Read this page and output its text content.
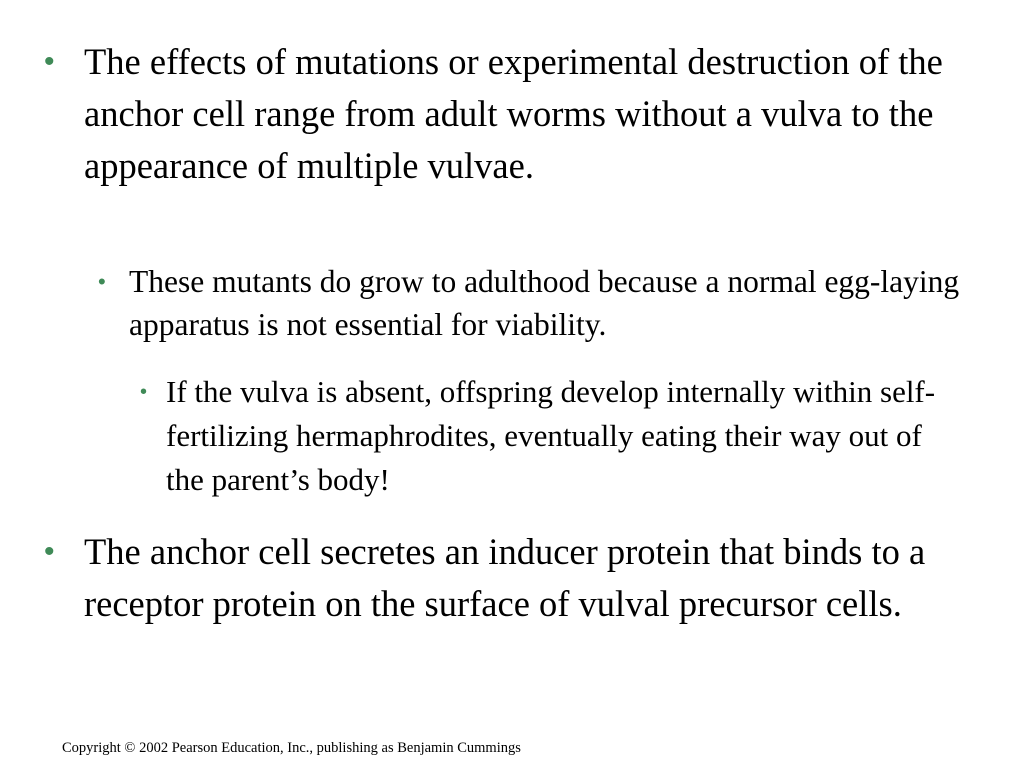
• The effects of mutations or experimental destruction of the anchor cell range from adult worms without a vulva to the appearance of multiple vulvae.
• These mutants do grow to adulthood because a normal egg-laying apparatus is not essential for viability.
• If the vulva is absent, offspring develop internally within self-fertilizing hermaphrodites, eventually eating their way out of the parent’s body!
• The anchor cell secretes an inducer protein that binds to a receptor protein on the surface of vulval precursor cells.
Copyright © 2002 Pearson Education, Inc., publishing as Benjamin Cummings
